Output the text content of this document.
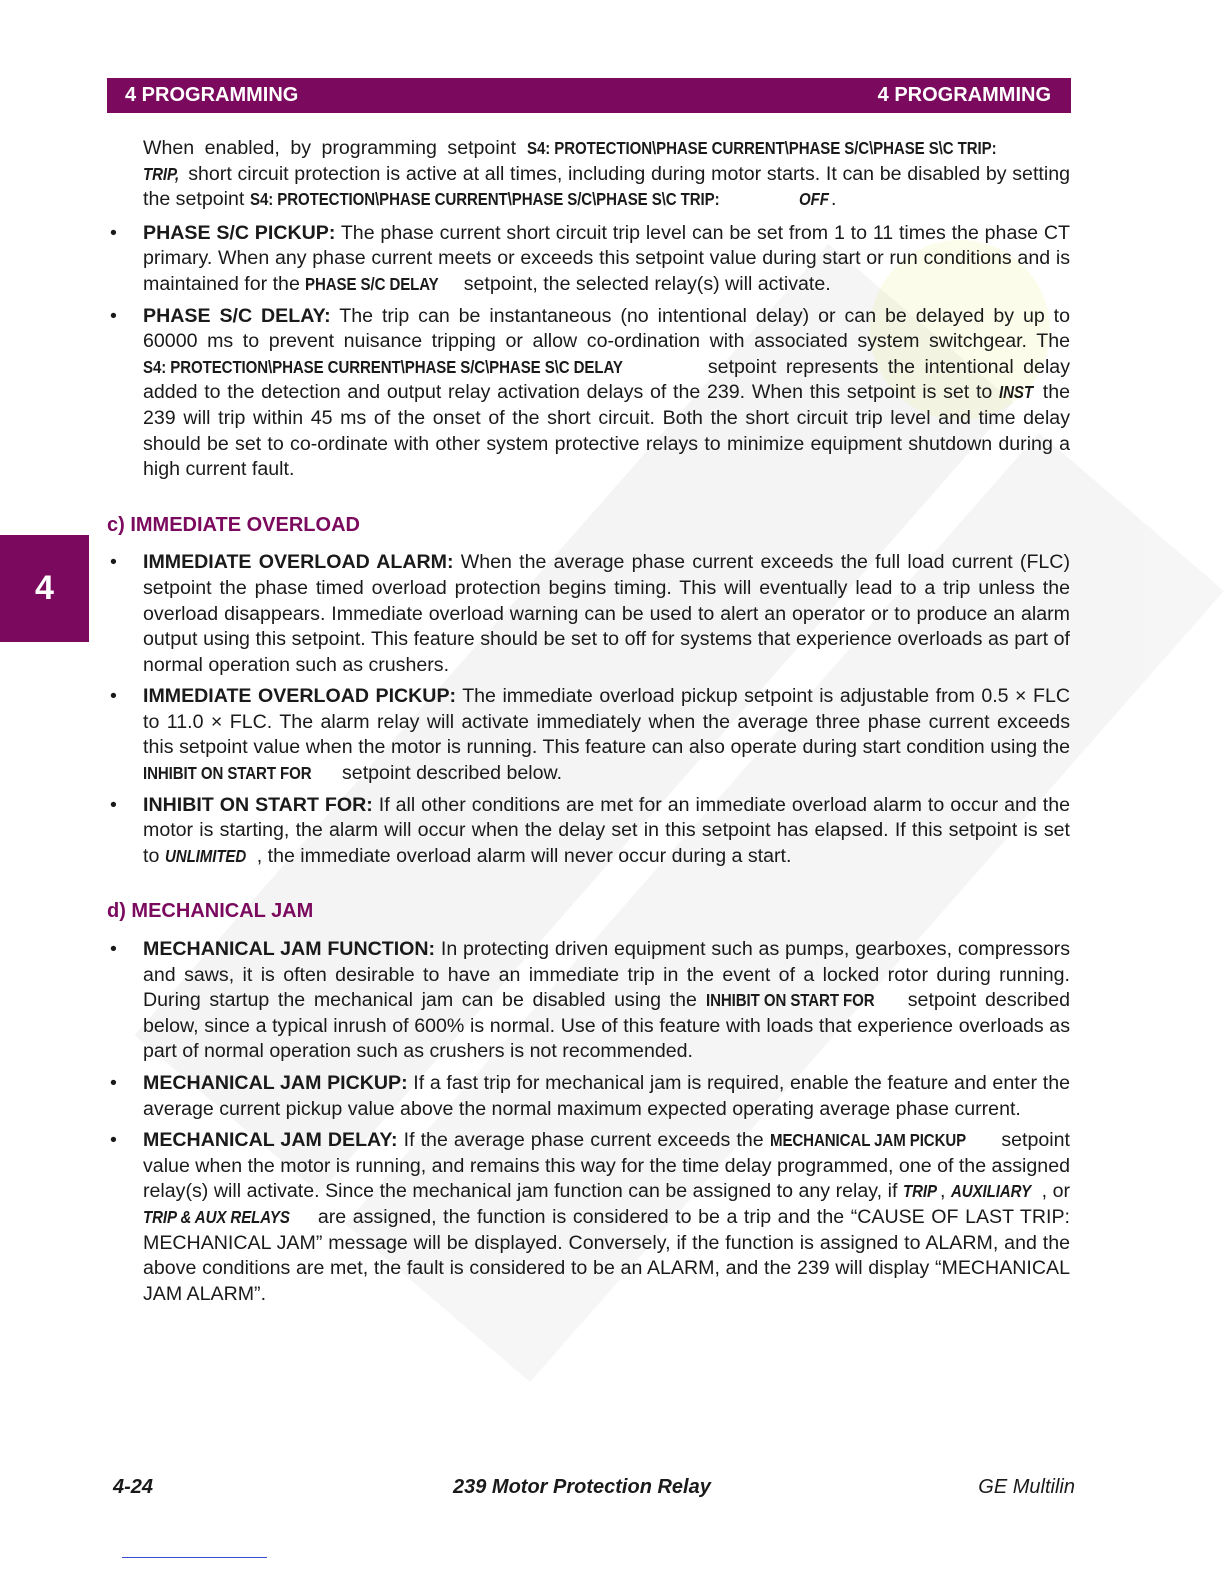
4 PROGRAMMING	4 PROGRAMMING
4

When enabled, by programming setpoint S4: PROTECTION\PHASE CURRENT\PHASE S/C\PHASE S\C TRIP: TRIP, short circuit protection is active at all times, including during motor starts. It can be disabled by setting the setpoint S4: PROTECTION\PHASE CURRENT\PHASE S/C\PHASE S\C TRIP:	OFF .

• PHASE S/C PICKUP: The phase current short circuit trip level can be set from 1 to 11 times the phase CT primary. When any phase current meets or exceeds this setpoint value during start or run conditions and is maintained for the PHASE S/C DELAY setpoint, the selected relay(s) will activate.

• PHASE S/C DELAY: The trip can be instantaneous (no intentional delay) or can be delayed by up to 60000 ms to prevent nuisance tripping or allow co-ordination with associated system switchgear. The S4: PROTECTION\PHASE CURRENT\PHASE S/C\PHASE S\C DELAY	setpoint represents the intentional delay added to the detection and output relay activation delays of the 239. When this setpoint is set to INST the 239 will trip within 45 ms of the onset of the short circuit. Both the short circuit trip level and time delay should be set to co-ordinate with other system protective relays to minimize equipment shutdown during a high current fault.

c) IMMEDIATE OVERLOAD
• IMMEDIATE OVERLOAD ALARM: When the average phase current exceeds the full load current (FLC) setpoint the phase timed overload protection begins timing. This will eventually lead to a trip unless the overload disappears. Immediate overload warning can be used to alert an operator or to produce an alarm output using this setpoint. This feature should be set to off for systems that experience overloads as part of normal operation such as crushers.

• IMMEDIATE OVERLOAD PICKUP: The immediate overload pickup setpoint is adjustable from 0.5 × FLC to 11.0 × FLC. The alarm relay will activate immediately when the average three phase current exceeds this setpoint value when the motor is running. This feature can also operate during start condition using the INHIBIT ON START FOR setpoint described below.

• INHIBIT ON START FOR: If all other conditions are met for an immediate overload alarm to occur and the motor is starting, the alarm will occur when the delay set in this setpoint has elapsed. If this setpoint is set to UNLIMITED , the immediate overload alarm will never occur during a start.

d) MECHANICAL JAM
• MECHANICAL JAM FUNCTION: In protecting driven equipment such as pumps, gearboxes, compressors and saws, it is often desirable to have an immediate trip in the event of a locked rotor during running. During startup the mechanical jam can be disabled using the INHIBIT ON START FOR setpoint described below, since a typical inrush of 600% is normal. Use of this feature with loads that experience overloads as part of normal operation such as crushers is not recommended.

• MECHANICAL JAM PICKUP: If a fast trip for mechanical jam is required, enable the feature and enter the average current pickup value above the normal maximum expected operating average phase current.

• MECHANICAL JAM DELAY: If the average phase current exceeds the MECHANICAL JAM PICKUP setpoint value when the motor is running, and remains this way for the time delay programmed, one of the assigned relay(s) will activate. Since the mechanical jam function can be assigned to any relay, if TRIP , AUXILIARY , or TRIP & AUX RELAYS are assigned, the function is considered to be a trip and the “CAUSE OF LAST TRIP: MECHANICAL JAM” message will be displayed. Conversely, if the function is assigned to ALARM, and the above conditions are met, the fault is considered to be an ALARM, and the 239 will display “MECHANICAL JAM ALARM”.

4-24	239 Motor Protection Relay	GE Multilin
